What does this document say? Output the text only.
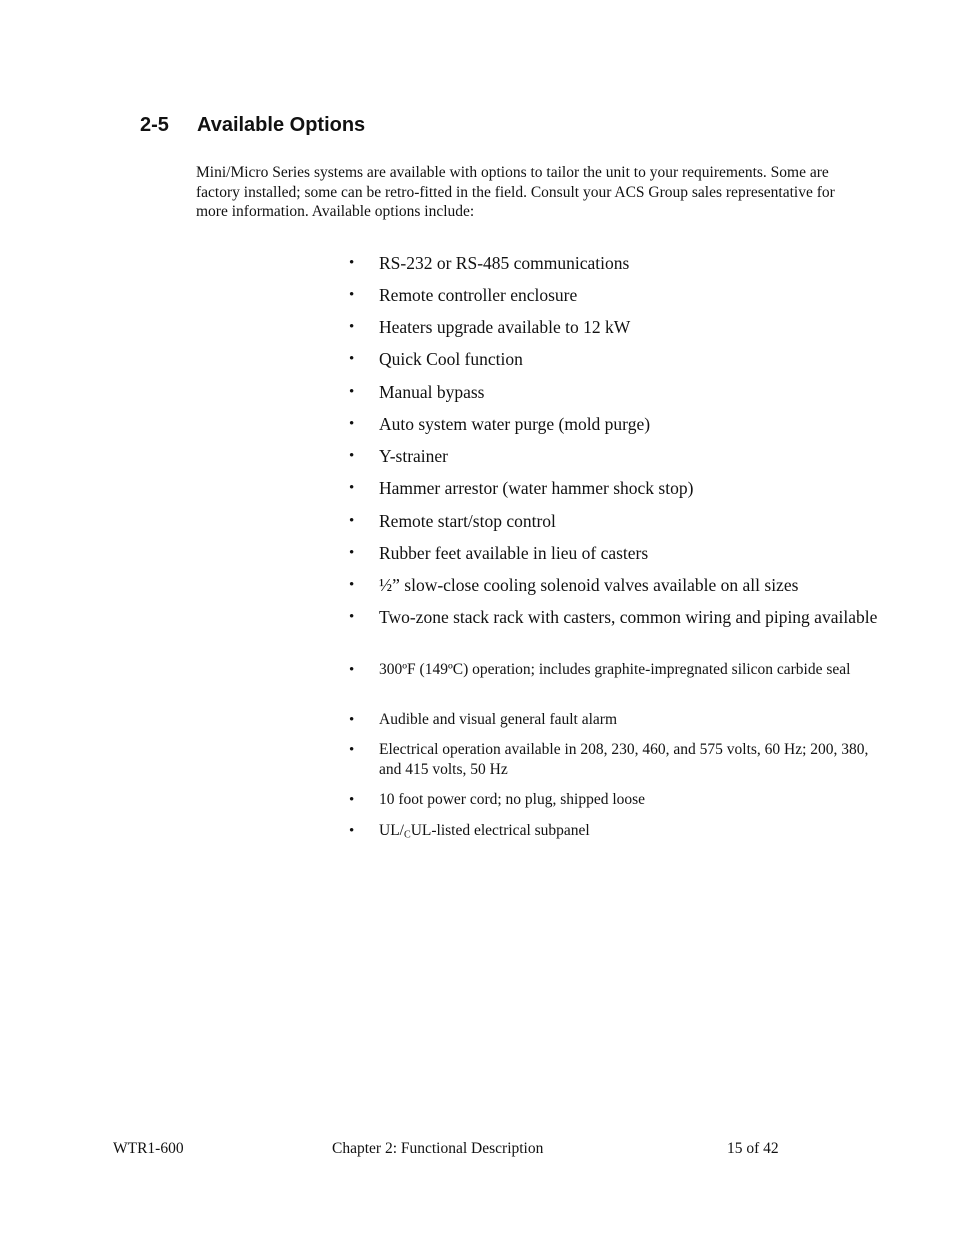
2-5 Available Options

Mini/Micro Series systems are available with options to tailor the unit to your requirements. Some are factory installed; some can be retro-fitted in the field. Consult your ACS Group sales representative for more information. Available options include:

•	RS-232 or RS-485 communications
•	Remote controller enclosure
•	Heaters upgrade available to 12 kW
•	Quick Cool function
•	Manual bypass
•	Auto system water purge (mold purge)
•	Y-strainer
•	Hammer arrestor (water hammer shock stop)
•	Remote start/stop control
•	Rubber feet available in lieu of casters
•	½” slow-close cooling solenoid valves available on all sizes
•	Two-zone stack rack with casters, common wiring and piping available
•	300ºF (149ºC) operation; includes graphite-impregnated silicon carbide seal
•	Audible and visual general fault alarm
•	Electrical operation available in 208, 230, 460, and 575 volts, 60 Hz; 200, 380, and 415 volts, 50 Hz
•	10 foot power cord; no plug, shipped loose
•	$UL/_CUL$-listed electrical subpanel
WTR1-600	Chapter 2: Functional Description	15 of 42
